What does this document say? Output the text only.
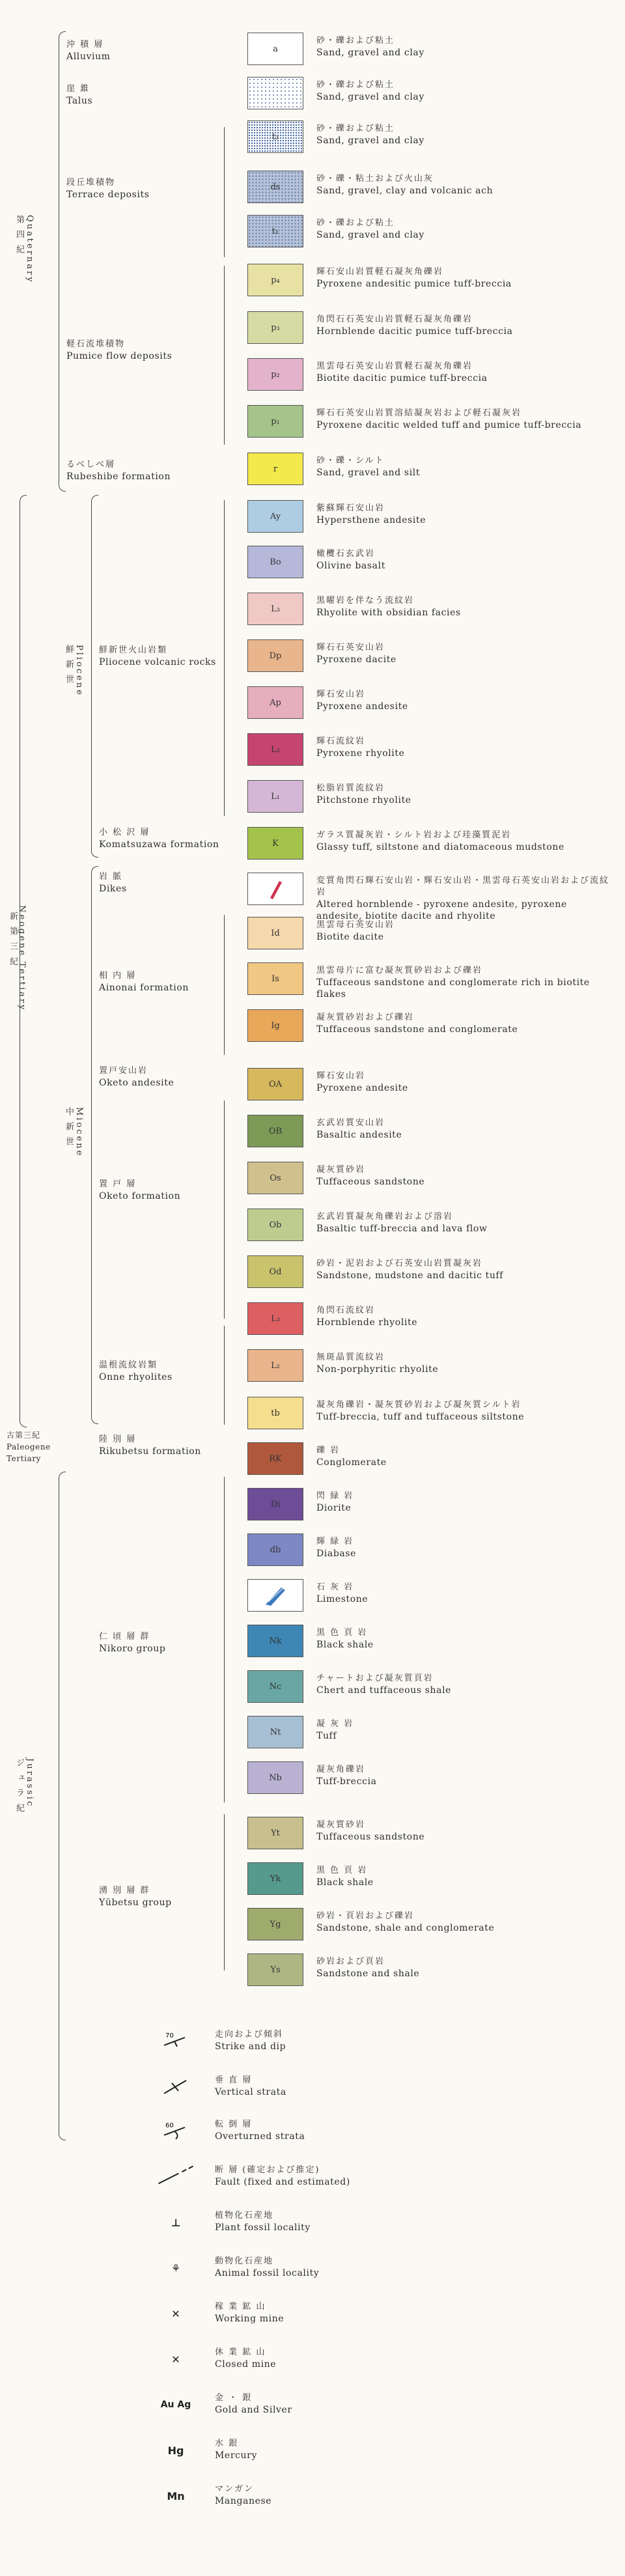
第 四 紀 Quaternary
新 第 三 紀 Neogene Tertiary
鮮 新 世 Pliocene
中 新 世 Miocene
古第三紀
Paleogene
Tertiary
ジ ュ ラ 紀 Jurassic
沖 積 層
Alluvium
崖 錐
Talus
段丘堆積物
Terrace deposits
軽石流堆積物
Pumice flow deposits
るべしべ層
Rubeshibe formation
鮮新世火山岩類
Pliocene volcanic rocks
小 松 沢 層
Komatsuzawa formation
岩 脈
Dikes
相 内 層
Ainonai formation
置戸安山岩
Oketo andesite
置 戸 層
Oketo formation
温根流紋岩類
Onne rhyolites
陸 別 層
Rikubetsu formation
仁 頃 層 群
Nikoro group
湧 別 層 群
Yūbetsu group
a
砂・礫および粘土
Sand, gravel and clay
砂・礫および粘土
Sand, gravel and clay
t₃
砂・礫および粘土
Sand, gravel and clay
ds
砂・礫・粘土および火山灰
Sand, gravel, clay and volcanic ach
t₁
砂・礫および粘土
Sand, gravel and clay
p₄
輝石安山岩質軽石凝灰角礫岩
Pyroxene andesitic pumice tuff-breccia
p₃
角閃石石英安山岩質軽石凝灰角礫岩
Hornblende dacitic pumice tuff-breccia
p₂
黒雲母石英安山岩質軽石凝灰角礫岩
Biotite dacitic pumice tuff-breccia
p₁
輝石石英安山岩質溶結凝灰岩および軽石凝灰岩
Pyroxene dacitic welded tuff and pumice tuff-breccia
r
砂・礫・シルト
Sand, gravel and silt
Ay
紫蘇輝石安山岩
Hypersthene andesite
Bo
橄欖石玄武岩
Olivine basalt
L₃
黒曜岩を伴なう流紋岩
Rhyolite with obsidian facies
Dp
輝石石英安山岩
Pyroxene dacite
Ap
輝石安山岩
Pyroxene andesite
L₂
輝石流紋岩
Pyroxene rhyolite
L₁
松脂岩質流紋岩
Pitchstone rhyolite
K
ガラス質凝灰岩・シルト岩および珪藻質泥岩
Glassy tuff, siltstone and diatomaceous mudstone
変質角閃石輝石安山岩・輝石安山岩・黒雲母石英安山岩および流紋岩
Altered hornblende - pyroxene andesite, pyroxene andesite, biotite dacite and rhyolite
Id
黒雲母石英安山岩
Biotite dacite
Is
黒雲母片に富む凝灰質砂岩および礫岩
Tuffaceous sandstone and conglomerate rich in biotite flakes
Ig
凝灰質砂岩および礫岩
Tuffaceous sandstone and conglomerate
OA
輝石安山岩
Pyroxene andesite
OB
玄武岩質安山岩
Basaltic andesite
Os
凝灰質砂岩
Tuffaceous sandstone
Ob
玄武岩質凝灰角礫岩および溶岩
Basaltic tuff-breccia and lava flow
Od
砂岩・泥岩および石英安山岩質凝灰岩
Sandstone, mudstone and dacitic tuff
L₃
角閃石流紋岩
Hornblende rhyolite
L₂
無斑晶質流紋岩
Non-porphyritic rhyolite
tb
凝灰角礫岩・凝灰質砂岩および凝灰質シルト岩
Tuff-breccia, tuff and tuffaceous siltstone
RK
礫 岩
Conglomerate
Di
閃 緑 岩
Diorite
db
輝 緑 岩
Diabase
石 灰 岩
Limestone
Nk
黒 色 頁 岩
Black shale
Nc
チャートおよび凝灰質頁岩
Chert and tuffaceous shale
Nt
凝 灰 岩
Tuff
Nb
凝灰角礫岩
Tuff-breccia
Yt
凝灰質砂岩
Tuffaceous sandstone
Yk
黒 色 頁 岩
Black shale
Yg
砂岩・頁岩および礫岩
Sandstone, shale and conglomerate
Ys
砂岩および頁岩
Sandstone and shale
70	走向および傾斜
Strike and dip
垂 直 層
Vertical strata
60	転 倒 層
Overturned strata
断 層 (確定および推定)
Fault (fixed and estimated)
⊥
植物化石産地
Plant fossil locality
⚘
動物化石産地
Animal fossil locality
✕
稼 業 鉱 山
Working mine
✕
休 業 鉱 山
Closed mine
Au Ag
金 ・ 銀
Gold and Silver
Hg
水 銀
Mercury
Mn
マンガン
Manganese
